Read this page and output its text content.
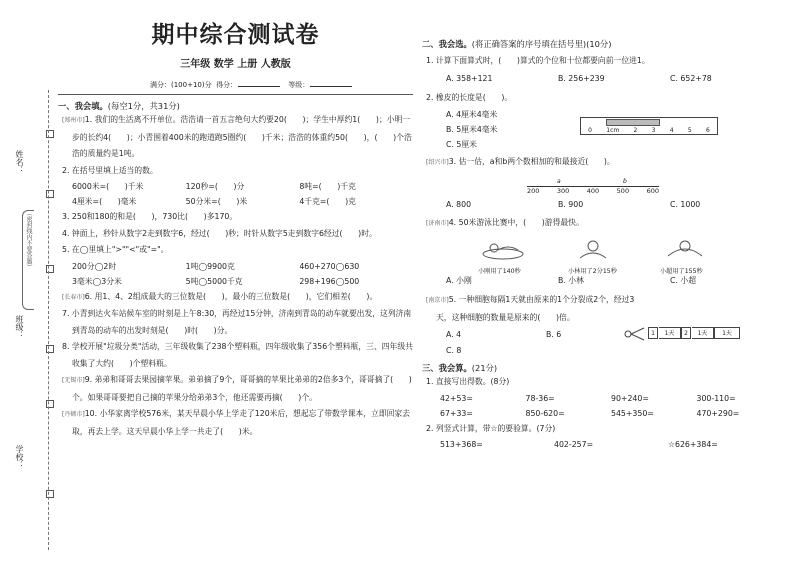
姓名：
班级：
学校：
（密封线内不要答题）
期中综合测试卷
三年级 数学 上册 人教版
满分：(100+10)分 得分：	等级：
一、我会填。(每空1分，共31分)
[郑州市]1. 我们的生活离不开单位。浩浩请一首五言绝句大约要20(　　)；学生中厚约1(　　)；小明一步的长约4(　　)；小青围着400米的跑道跑5圈约(　　)千米；浩浩的体重约50(　　)，(　　)个浩浩的质量约是1吨。
2. 在括号里填上适当的数。
6000米=(　　)千米	120秒=(　　)分	8吨=(　　)千克
4厘米=(　　)毫米	50分米=(　　)米	4千克=(　　)克
3. 250和180的和是(　　)，730比(　　)多170。
4. 钟面上，秒针从数字2走到数字6，经过(　　)秒；时针从数字5走到数字6经过(　　)时。
5. 在◯里填上">""<"或"="。
200分◯2时	1吨◯9900克	460+270◯630
3毫米◯3分米	5吨◯5000千克	298+196◯500
[长春市]6. 用1、4、2组成最大的三位数是(　　)，最小的三位数是(　　)，它们相差(　　)。
7. 小青到达火车站候车室的时刻是上午8:30，再经过15分钟，济南到青岛的动车就要出发，这列济南到青岛的动车的出发时刻是(　　)时(　　)分。
8. 学校开展"垃圾分类"活动，三年级收集了238个塑料瓶，四年级收集了356个塑料瓶，三、四年级共收集了大约(　　)个塑料瓶。
[无锡市]9. 弟弟和哥哥去果园摘苹果。弟弟摘了9个，哥哥摘的苹果比弟弟的2倍多3个，哥哥摘了(　　)个。如果哥哥要把自己摘的苹果分给弟弟3个，他还需要再摘(　　)个。
[丹顿市]10. 小华家离学校576米，某天早晨小华上学走了120米后，想起忘了带数学课本，立即回家去取，再去上学。这天早晨小华上学一共走了(　　)米。
二、我会选。(将正确答案的序号填在括号里)(10分)
1. 计算下面算式时，(　　)算式的个位和十位都要向前一位进1。
A. 358+121	B. 256+239	C. 652+78
2. 橡皮的长度是(　　)。
A. 4厘米4毫米
B. 5厘米4毫米
C. 5厘米
[绍兴市]3. 估一估，a和b两个数相加的和最接近(　　)。
A. 800	B. 900	C. 1000
[济南市]4. 50米游泳比赛中，(　　)游得最快。
A. 小刚	B. 小林	C. 小超
[南京市]5. 一种细胞每隔1天就由原来的1个分裂成2个，经过3天，这种细胞的数量是原来的(　　)倍。
A. 4	B. 6
C. 8
三、我会算。(21分)
1. 直接写出得数。(8分)
42+53=	78-36=	90+240=	300-110=
67+33=	850-620=	545+350=	470+290=
2. 列竖式计算，带☆的要验算。(7分)
513+368=	402-257=	☆626+384=
0 1cm 2 3 4 5 6
a	b
200	300	400	500	600
小刚用了140秒	小林用了2分15秒	小超用了155秒
1	1天	2	1天	1天
